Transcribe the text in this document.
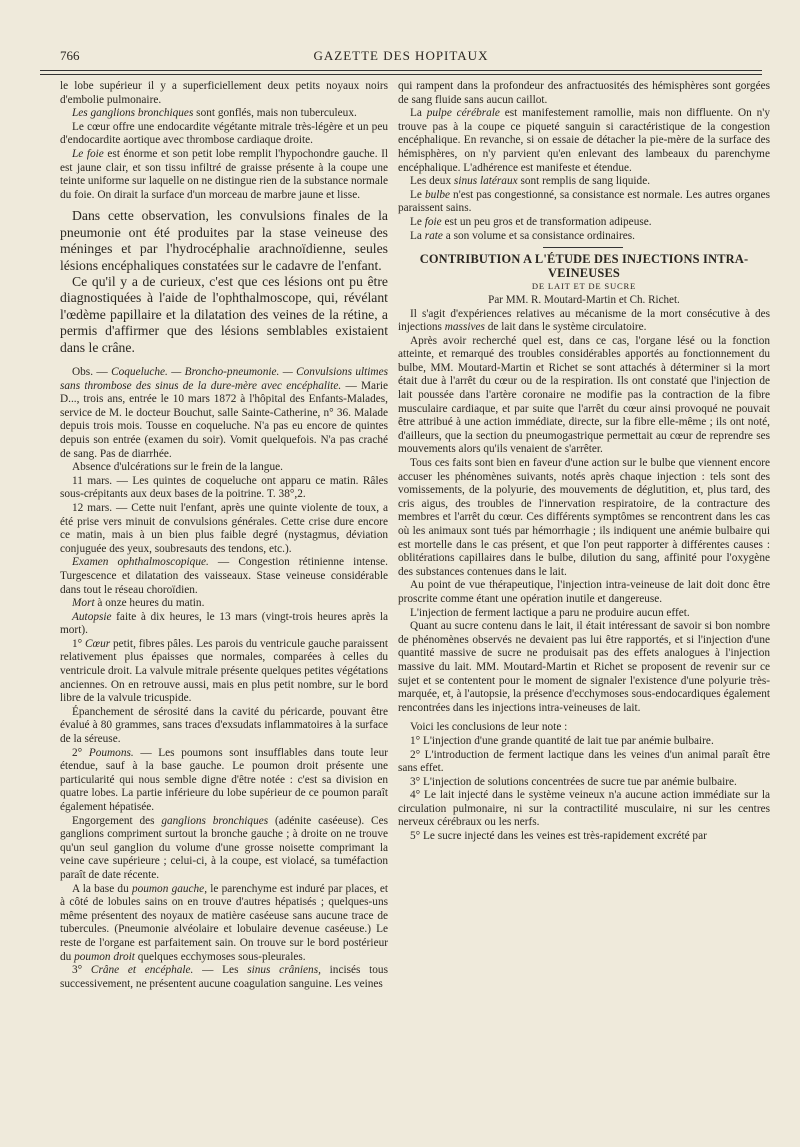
766	GAZETTE DES HOPITAUX

le lobe supérieur il y a superficiellement deux petits noyaux noirs d'embolie pulmonaire.

Les ganglions bronchiques sont gonflés, mais non tuberculeux.

Le cœur offre une endocardite végétante mitrale très-légère et un peu d'endocardite aortique avec thrombose cardiaque droite.

Le foie est énorme et son petit lobe remplit l'hypochondre gauche. Il est jaune clair, et son tissu infiltré de graisse présente à la coupe une teinte uniforme sur laquelle on ne distingue rien de la substance normale du foie. On dirait la surface d'un morceau de marbre jaune et lisse.

Dans cette observation, les convulsions finales de la pneumonie ont été produites par la stase veineuse des méninges et par l'hydrocéphalie arachnoïdienne, seules lésions encéphaliques constatées sur le cadavre de l'enfant.

Ce qu'il y a de curieux, c'est que ces lésions ont pu être diagnostiquées à l'aide de l'ophthalmoscope, qui, révélant l'œdème papillaire et la dilatation des veines de la rétine, a permis d'affirmer que des lésions semblables existaient dans le crâne.

Obs. — Coqueluche. — Broncho-pneumonie. — Convulsions ultimes sans thrombose des sinus de la dure-mère avec encéphalite. — Marie D..., trois ans, entrée le 10 mars 1872 à l'hôpital des Enfants-Malades, service de M. le docteur Bouchut, salle Sainte-Catherine, n° 36. Malade depuis trois mois. Tousse en coqueluche. N'a pas eu encore de quintes depuis son entrée (examen du soir). Vomit quelquefois. N'a pas craché de sang. Pas de diarrhée.

Absence d'ulcérations sur le frein de la langue.

11 mars. — Les quintes de coqueluche ont apparu ce matin. Râles sous-crépitants aux deux bases de la poitrine. T. 38°,2.

12 mars. — Cette nuit l'enfant, après une quinte violente de toux, a été prise vers minuit de convulsions générales. Cette crise dure encore ce matin, mais à un bien plus faible degré (nystagmus, déviation conjuguée des yeux, soubresauts des tendons, etc.).

Examen ophthalmoscopique. — Congestion rétinienne intense. Turgescence et dilatation des vaisseaux. Stase veineuse considérable dans tout le réseau choroïdien.

Mort à onze heures du matin.

Autopsie faite à dix heures, le 13 mars (vingt-trois heures après la mort).

1° Cœur petit, fibres pâles. Les parois du ventricule gauche paraissent relativement plus épaisses que normales, comparées à celles du ventricule droit. La valvule mitrale présente quelques petites végétations anciennes. On en retrouve aussi, mais en plus petit nombre, sur le bord libre de la valvule tricuspide.

Épanchement de sérosité dans la cavité du péricarde, pouvant être évalué à 80 grammes, sans traces d'exsudats inflammatoires à la surface de la séreuse.

2° Poumons. — Les poumons sont insufflables dans toute leur étendue, sauf à la base gauche. Le poumon droit présente une particularité qui nous semble digne d'être notée : c'est sa division en quatre lobes. La partie inférieure du lobe supérieur de ce poumon paraît également hépatisée.

Engorgement des ganglions bronchiques (adénite caséeuse). Ces ganglions compriment surtout la bronche gauche ; à droite on ne trouve qu'un seul ganglion du volume d'une grosse noisette comprimant la veine cave supérieure ; celui-ci, à la coupe, est violacé, sa tuméfaction paraît de date récente.

A la base du poumon gauche, le parenchyme est induré par places, et à côté de lobules sains on en trouve d'autres hépatisés ; quelques-uns même présentent des noyaux de matière caséeuse sans aucune trace de tubercules. (Pneumonie alvéolaire et lobulaire devenue caséeuse.) Le reste de l'organe est parfaitement sain. On trouve sur le bord postérieur du poumon droit quelques ecchymoses sous-pleurales.

3° Crâne et encéphale. — Les sinus crâniens, incisés tous successivement, ne présentent aucune coagulation sanguine. Les veines

qui rampent dans la profondeur des anfractuosités des hémisphères sont gorgées de sang fluide sans aucun caillot.

La pulpe cérébrale est manifestement ramollie, mais non diffluente. On n'y trouve pas à la coupe ce piqueté sanguin si caractéristique de la congestion encéphalique. En revanche, si on essaie de détacher la pie-mère de la surface des hémisphères, on n'y parvient qu'en enlevant des lambeaux du parenchyme encéphalique. L'adhérence est manifeste et étendue.

Les deux sinus latéraux sont remplis de sang liquide.

Le bulbe n'est pas congestionné, sa consistance est normale. Les autres organes paraissent sains.

Le foie est un peu gros et de transformation adipeuse.

La rate a son volume et sa consistance ordinaires.

CONTRIBUTION A L'ÉTUDE DES INJECTIONS INTRA-VEINEUSES

DE LAIT ET DE SUCRE

Par MM. R. Moutard-Martin et Ch. Richet.

Il s'agit d'expériences relatives au mécanisme de la mort consécutive à des injections massives de lait dans le système circulatoire.

Après avoir recherché quel est, dans ce cas, l'organe lésé ou la fonction atteinte, et remarqué des troubles considérables apportés au fonctionnement du bulbe, MM. Moutard-Martin et Richet se sont attachés à déterminer si la mort était due à l'arrêt du cœur ou de la respiration. Ils ont constaté que l'injection de lait poussée dans l'artère coronaire ne modifie pas la contraction de la fibre musculaire cardiaque, et par suite que l'arrêt du cœur ainsi provoqué ne pouvait être attribué à une action immédiate, directe, sur la fibre elle-même ; ils ont noté, d'ailleurs, que la section du pneumogastrique permettait au cœur de reprendre ses mouvements alors qu'ils venaient de s'arrêter.

Tous ces faits sont bien en faveur d'une action sur le bulbe que viennent encore accuser les phénomènes suivants, notés après chaque injection : tels sont des vomissements, de la polyurie, des mouvements de déglutition, et, plus tard, des cris aigus, des troubles de l'innervation respiratoire, de la contracture des membres et l'arrêt du cœur. Ces différents symptômes se rencontrent dans les cas où les animaux sont tués par hémorrhagie ; ils indiquent une anémie bulbaire qui est mortelle dans le cas présent, et que l'on peut rapporter à différentes causes : oblitérations capillaires dans le bulbe, dilution du sang, affinité pour l'oxygène des substances contenues dans le lait.

Au point de vue thérapeutique, l'injection intra-veineuse de lait doit donc être proscrite comme étant une opération inutile et dangereuse.

L'injection de ferment lactique a paru ne produire aucun effet.

Quant au sucre contenu dans le lait, il était intéressant de savoir si bon nombre de phénomènes observés ne devaient pas lui être rapportés, et si l'injection d'une quantité massive de sucre ne produisait pas des effets analogues à l'injection massive du lait. MM. Moutard-Martin et Richet se proposent de revenir sur ce sujet et se contentent pour le moment de signaler l'existence d'une polyurie très-marquée, et, à l'autopsie, la présence d'ecchymoses sous-endocardiques également rencontrées dans les injections intra-veineuses de lait.

Voici les conclusions de leur note :

1° L'injection d'une grande quantité de lait tue par anémie bulbaire.

2° L'introduction de ferment lactique dans les veines d'un animal paraît être sans effet.

3° L'injection de solutions concentrées de sucre tue par anémie bulbaire.

4° Le lait injecté dans le système veineux n'a aucune action immédiate sur la circulation pulmonaire, ni sur la contractilité musculaire, ni sur les centres nerveux cérébraux ou les nerfs.

5° Le sucre injecté dans les veines est très-rapidement excrété par
